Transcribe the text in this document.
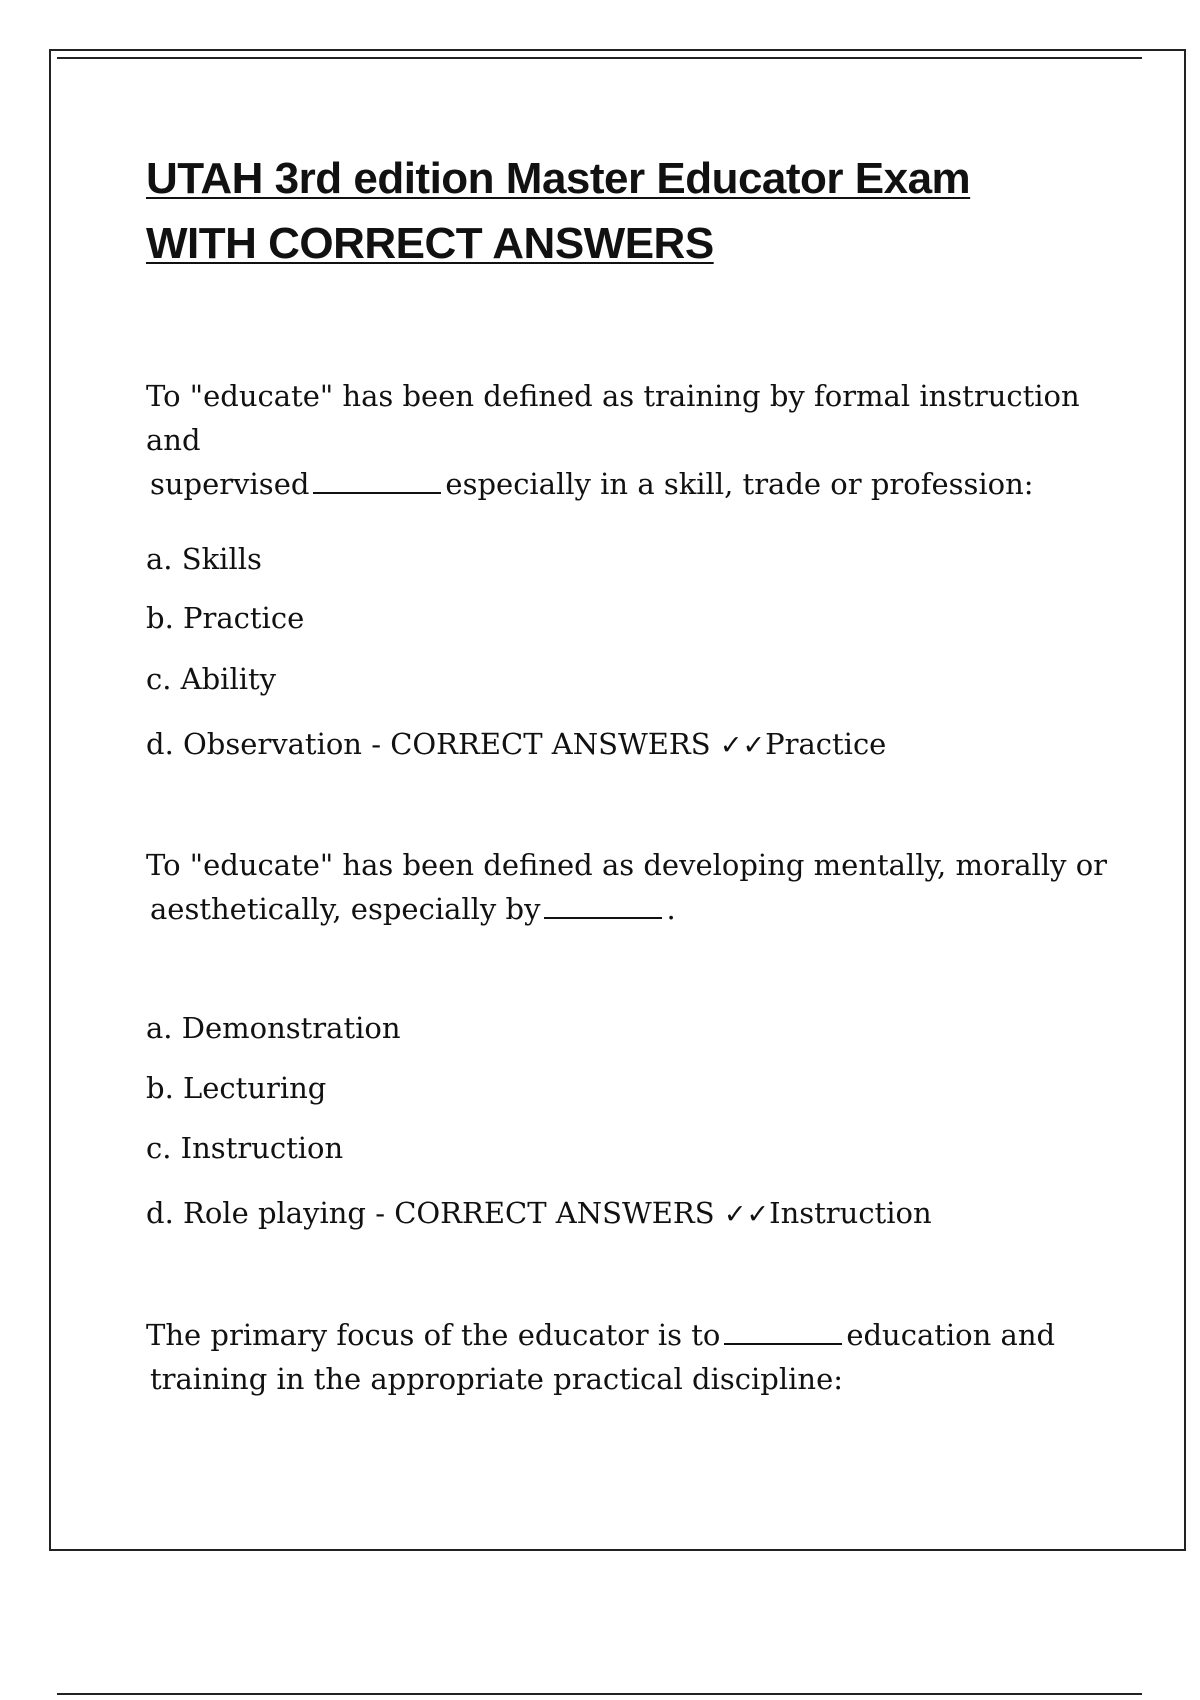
UTAH 3rd edition Master Educator Exam
WITH CORRECT ANSWERS

To "educate" has been defined as training by formal instruction and
supervised	especially in a skill, trade or profession:

a. Skills

b. Practice

c. Ability

d. Observation - CORRECT ANSWERS ✓✓Practice

To "educate" has been defined as developing mentally, morally or
aesthetically, especially by	.

a. Demonstration

b. Lecturing

c. Instruction

d. Role playing - CORRECT ANSWERS ✓✓Instruction

The primary focus of the educator is to	education and
training in the appropriate practical discipline:
